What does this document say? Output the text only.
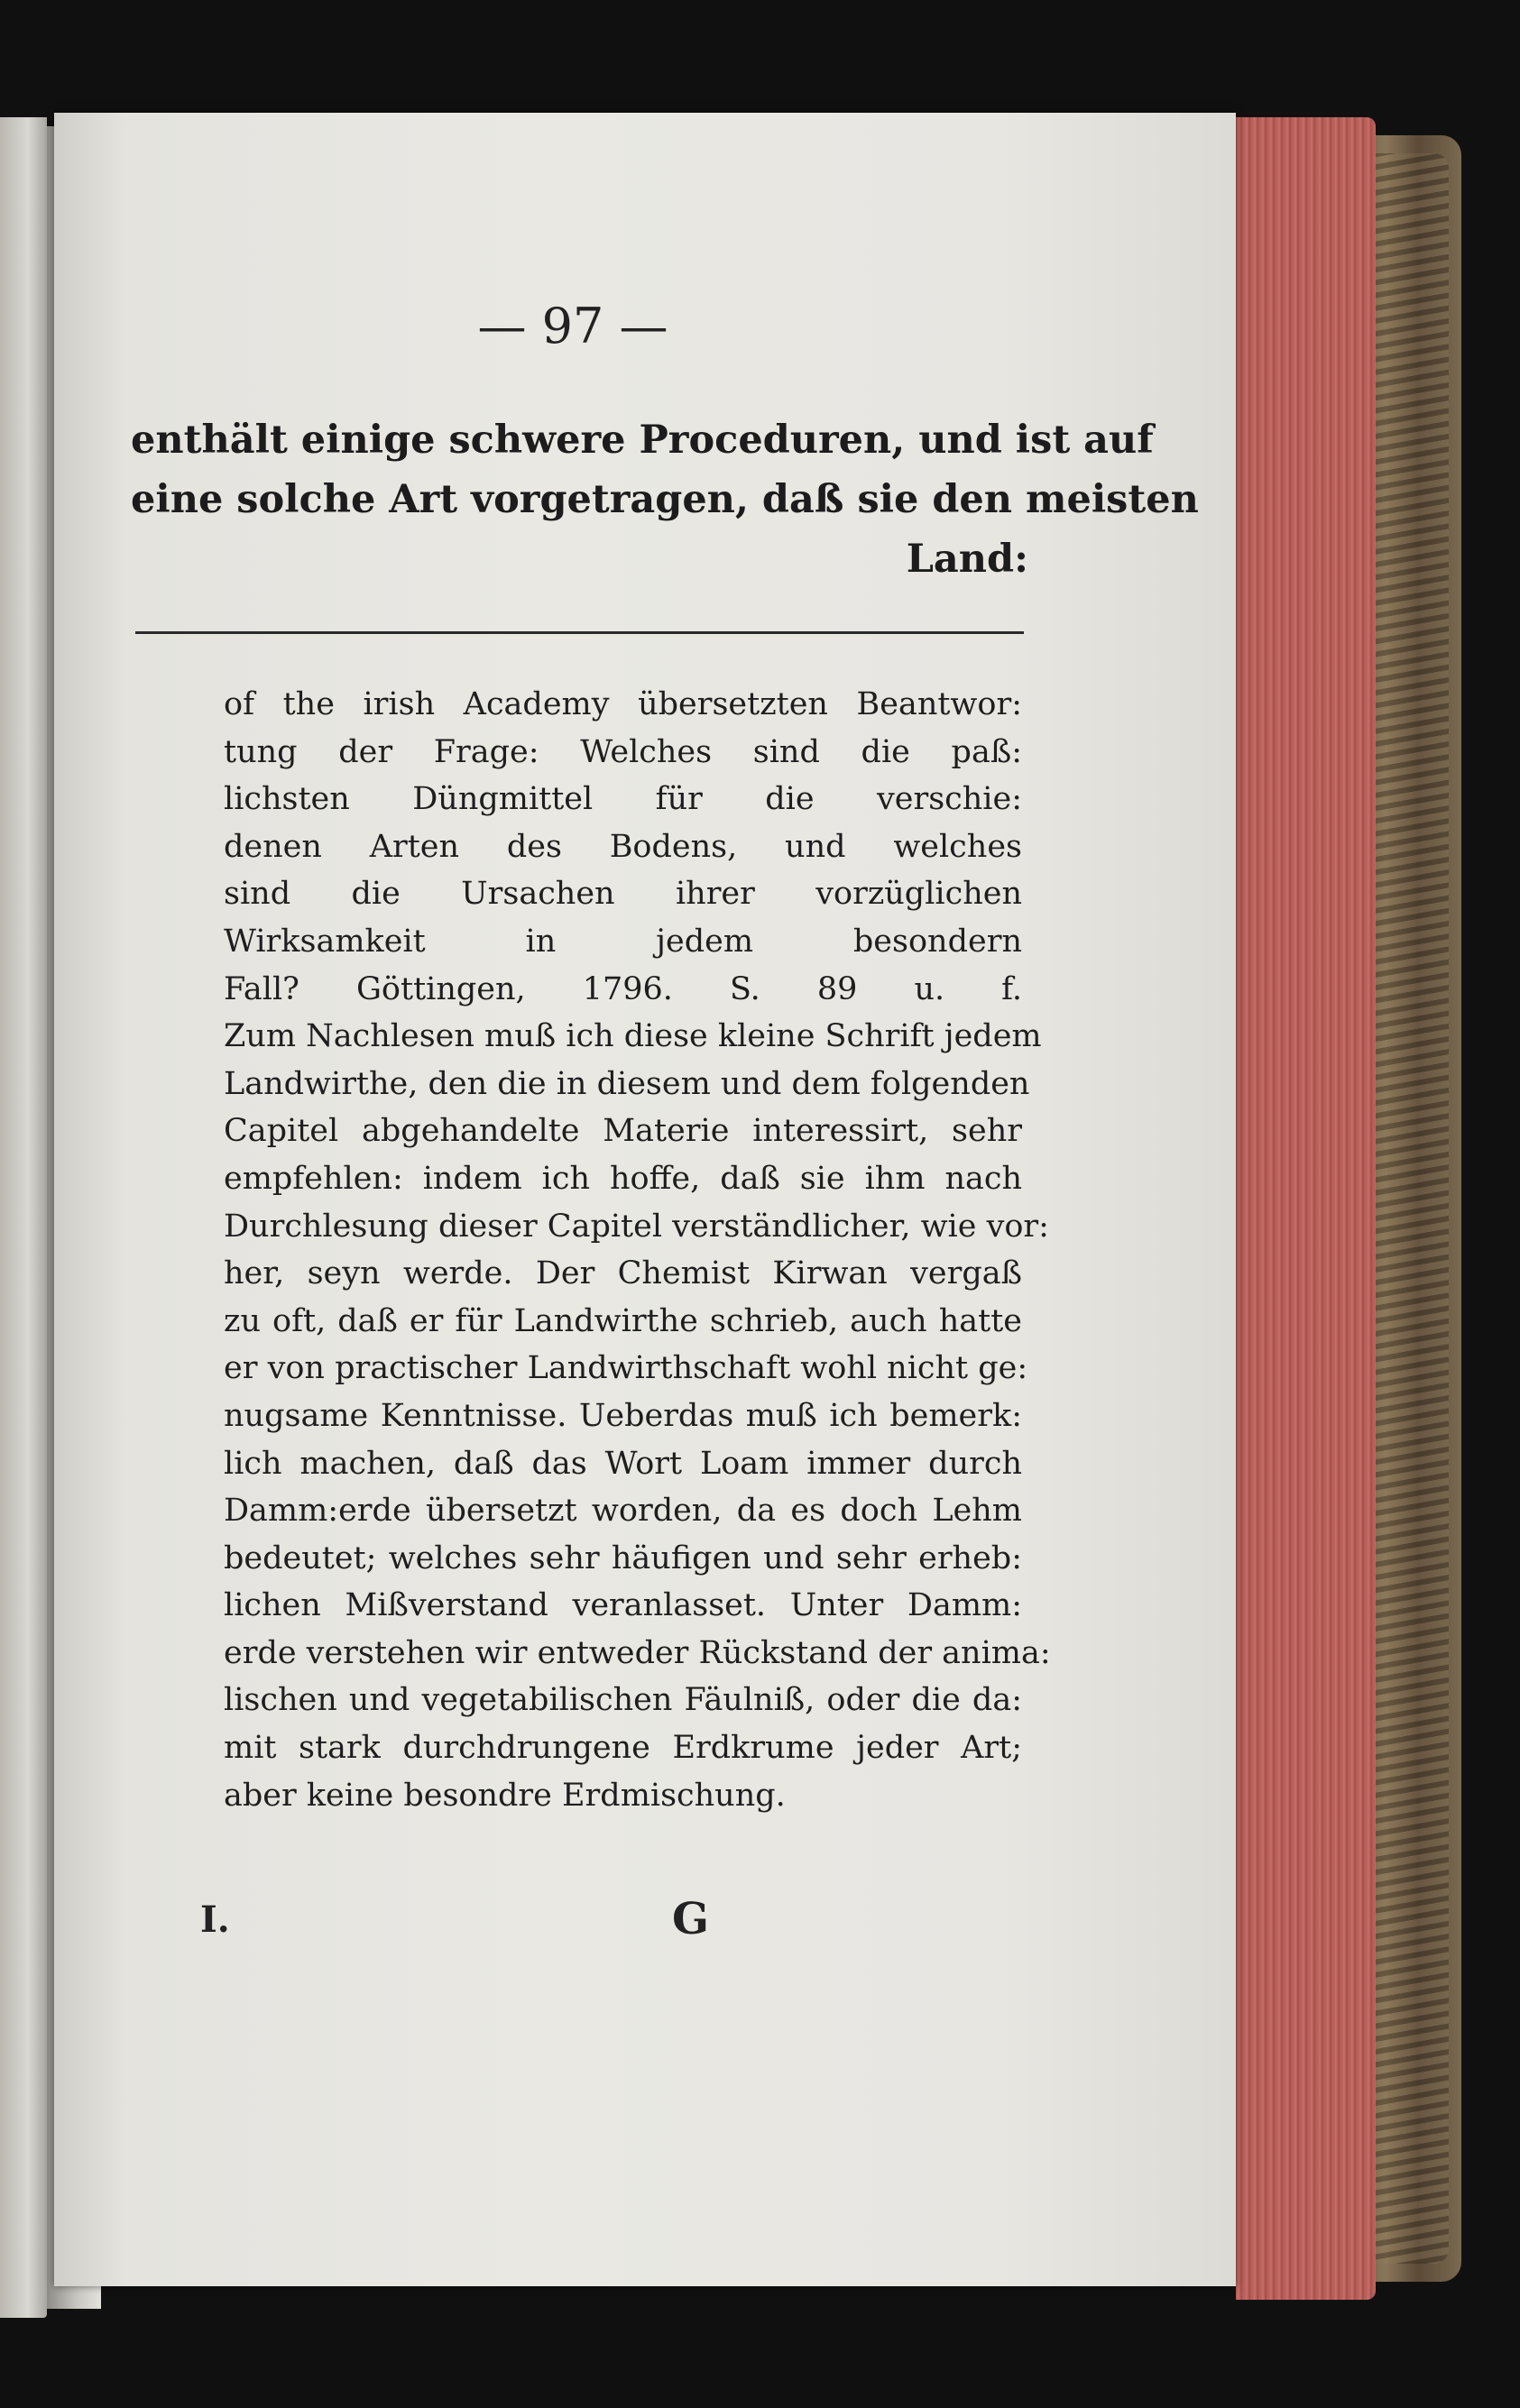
— 97 —
enthält einige schwere Proceduren, und ist auf
eine solche Art vorgetragen, daß sie den meisten
Land:
of the irish Academy übersetzten Beantwor:
tung der Frage: Welches sind die paß:
lichsten Düngmittel für die verschie:
denen Arten des Bodens, und welches
sind die Ursachen ihrer vorzüglichen
Wirksamkeit in jedem besondern
Fall? Göttingen, 1796. S. 89 u. f.
Zum Nachlesen muß ich diese kleine Schrift jedem
Landwirthe, den die in diesem und dem folgenden
Capitel abgehandelte Materie interessirt, sehr
empfehlen: indem ich hoffe, daß sie ihm nach
Durchlesung dieser Capitel verständlicher, wie vor:
her, seyn werde. Der Chemist Kirwan vergaß
zu oft, daß er für Landwirthe schrieb, auch hatte
er von practischer Landwirthschaft wohl nicht ge:
nugsame Kenntnisse. Ueberdas muß ich bemerk:
lich machen, daß das Wort Loam immer durch
Damm:erde übersetzt worden, da es doch Lehm
bedeutet; welches sehr häufigen und sehr erheb:
lichen Mißverstand veranlasset. Unter Damm:
erde verstehen wir entweder Rückstand der anima:
lischen und vegetabilischen Fäulniß, oder die da:
mit stark durchdrungene Erdkrume jeder Art;
aber keine besondre Erdmischung.
I.	G
